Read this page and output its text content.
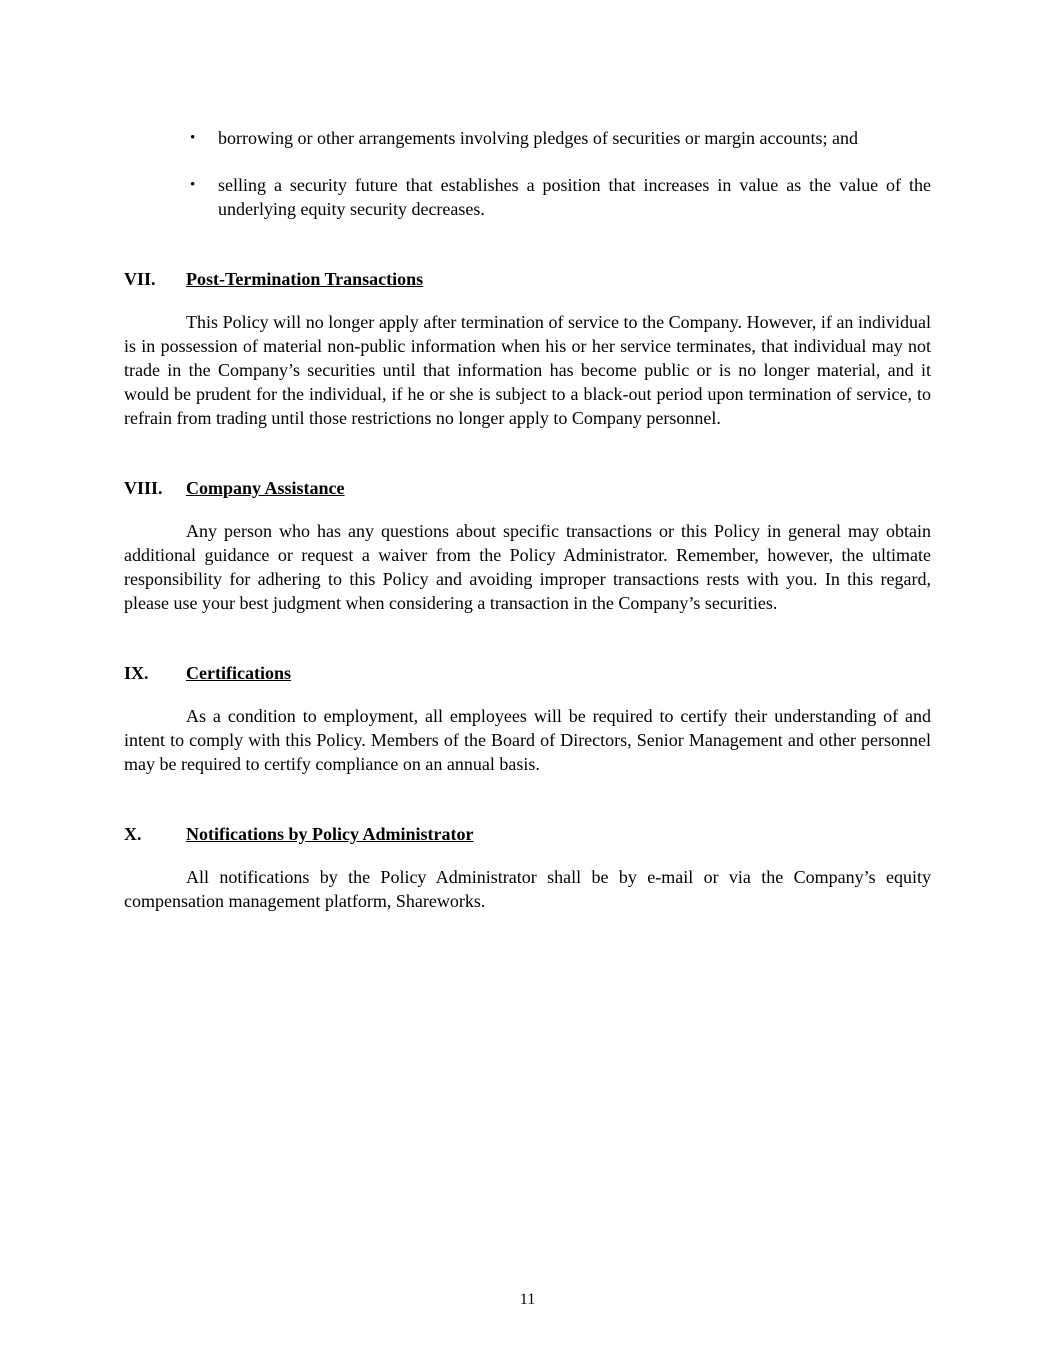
•	borrowing or other arrangements involving pledges of securities or margin accounts; and
•	selling a security future that establishes a position that increases in value as the value of the underlying equity security decreases.
VII.	Post-Termination Transactions

This Policy will no longer apply after termination of service to the Company. However, if an individual is in possession of material non-public information when his or her service terminates, that individual may not trade in the Company’s securities until that information has become public or is no longer material, and it would be prudent for the individual, if he or she is subject to a black-out period upon termination of service, to refrain from trading until those restrictions no longer apply to Company personnel.

VIII.	Company Assistance

Any person who has any questions about specific transactions or this Policy in general may obtain additional guidance or request a waiver from the Policy Administrator. Remember, however, the ultimate responsibility for adhering to this Policy and avoiding improper transactions rests with you. In this regard, please use your best judgment when considering a transaction in the Company’s securities.

IX.	Certifications

As a condition to employment, all employees will be required to certify their understanding of and intent to comply with this Policy. Members of the Board of Directors, Senior Management and other personnel may be required to certify compliance on an annual basis.

X.	Notifications by Policy Administrator

All notifications by the Policy Administrator shall be by e-mail or via the Company’s equity compensation management platform, Shareworks.

11
